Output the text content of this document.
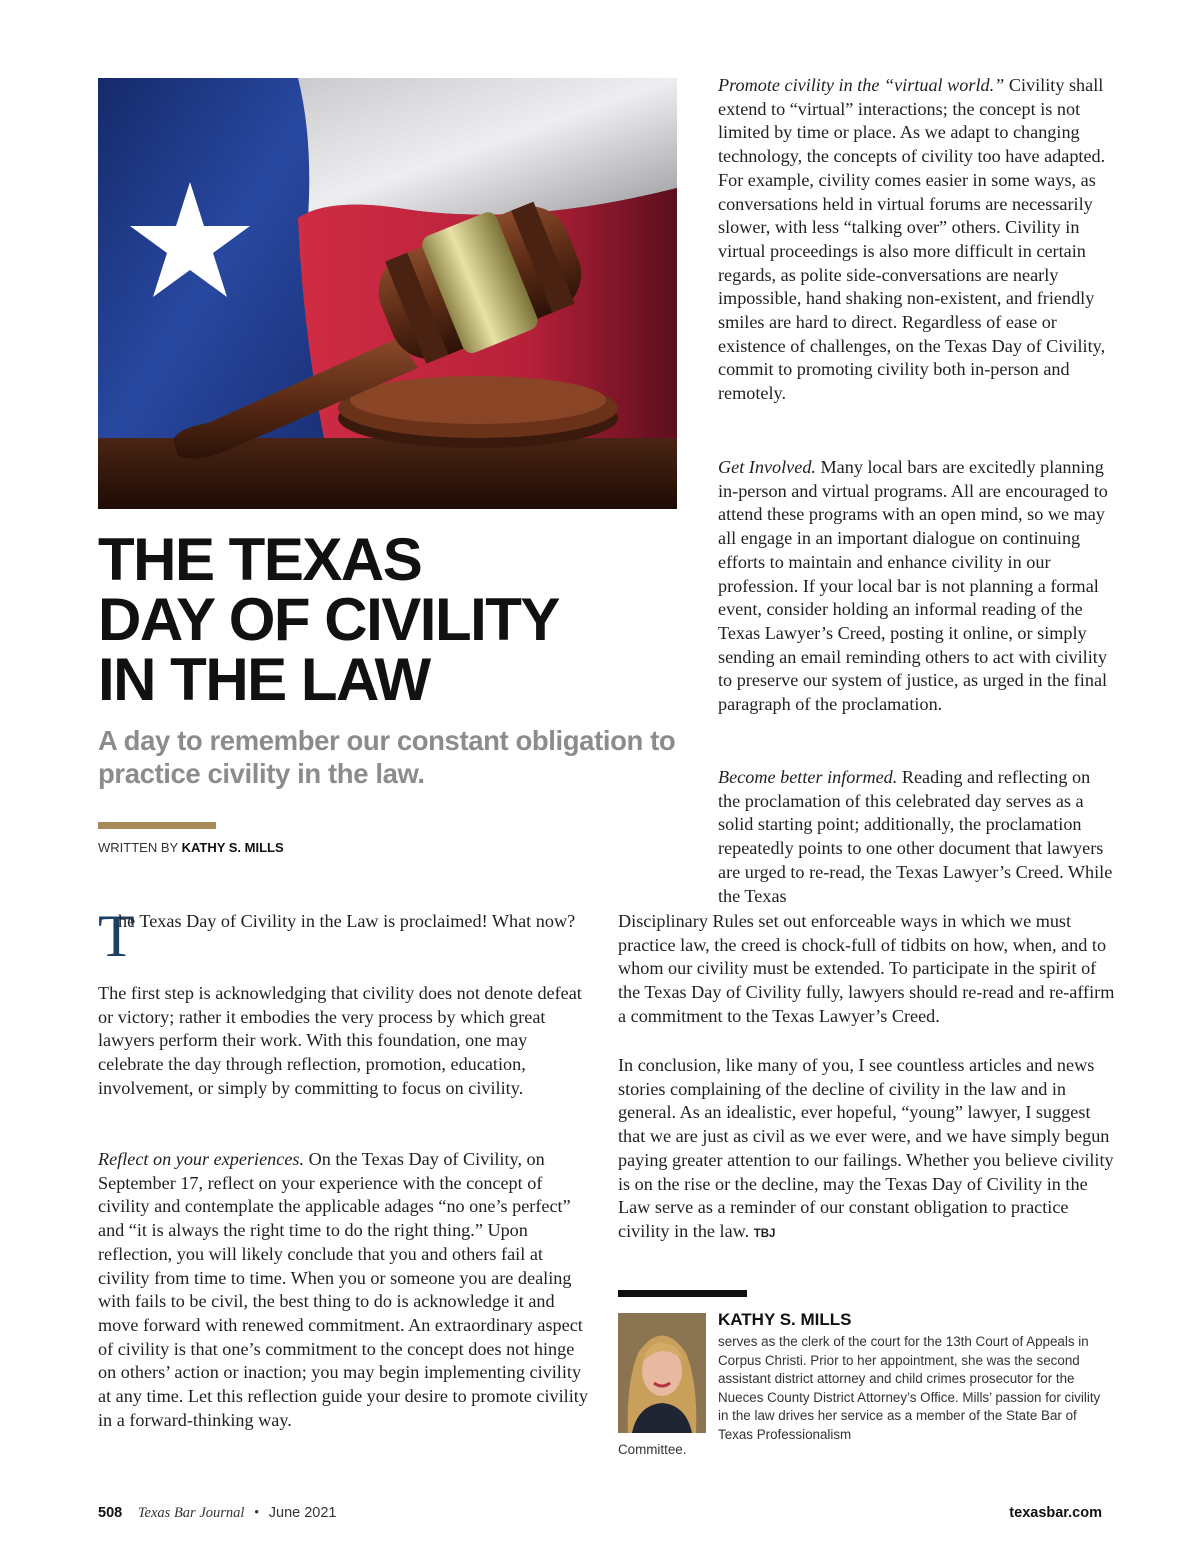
THE TEXAS
DAY OF CIVILITY
IN THE LAW
A day to remember our constant obligation to practice civility in the law.
WRITTEN BY KATHY S. MILLS
T

he Texas Day of Civility in the Law is proclaimed! What now?

The first step is acknowledging that civility does not denote defeat or victory; rather it embodies the very process by which great lawyers perform their work. With this foundation, one may celebrate the day through reflection, promotion, education, involvement, or simply by committing to focus on civility.

Reflect on your experiences. On the Texas Day of Civility, on September 17, reflect on your experience with the concept of civility and contemplate the applicable adages “no one’s perfect” and “it is always the right time to do the right thing.” Upon reflection, you will likely conclude that you and others fail at civility from time to time. When you or someone you are dealing with fails to be civil, the best thing to do is acknowledge it and move forward with renewed commitment. An extraordinary aspect of civility is that one’s commitment to the concept does not hinge on others’ action or inaction; you may begin implementing civility at any time. Let this reflection guide your desire to promote civility in a forward-thinking way.

Promote civility in the “virtual world.” Civility shall extend to “virtual” interactions; the concept is not limited by time or place. As we adapt to changing technology, the concepts of civility too have adapted. For example, civility comes easier in some ways, as conversations held in virtual forums are necessarily slower, with less “talking over” others. Civility in virtual proceedings is also more difficult in certain regards, as polite side-conversations are nearly impossible, hand shaking non-existent, and friendly smiles are hard to direct. Regardless of ease or existence of challenges, on the Texas Day of Civility, commit to promoting civility both in-person and remotely.

Get Involved. Many local bars are excitedly planning in-person and virtual programs. All are encouraged to attend these programs with an open mind, so we may all engage in an important dialogue on continuing efforts to maintain and enhance civility in our profession. If your local bar is not planning a formal event, consider holding an informal reading of the Texas Lawyer’s Creed, posting it online, or simply sending an email reminding others to act with civility to preserve our system of justice, as urged in the final paragraph of the proclamation.

Become better informed. Reading and reflecting on the proclamation of this celebrated day serves as a solid starting point; additionally, the proclamation repeatedly points to one other document that lawyers are urged to re-read, the Texas Lawyer’s Creed. While the Texas

Disciplinary Rules set out enforceable ways in which we must practice law, the creed is chock-full of tidbits on how, when, and to whom our civility must be extended. To participate in the spirit of the Texas Day of Civility fully, lawyers should re-read and re-affirm a commitment to the Texas Lawyer’s Creed.

In conclusion, like many of you, I see countless articles and news stories complaining of the decline of civility in the law and in general. As an idealistic, ever hopeful, “young” lawyer, I suggest that we are just as civil as we ever were, and we have simply begun paying greater attention to our failings. Whether you believe civility is on the rise or the decline, may the Texas Day of Civility in the Law serve as a reminder of our constant obligation to practice civility in the law. TBJ

KATHY S. MILLS

serves as the clerk of the court for the 13th Court of Appeals in Corpus Christi. Prior to her appointment, she was the second assistant district attorney and child crimes prosecutor for the Nueces County District Attorney’s Office. Mills’ passion for civility in the law drives her service as a member of the State Bar of Texas Professionalism

Committee.
508 Texas Bar Journal • June 2021	texasbar.com
